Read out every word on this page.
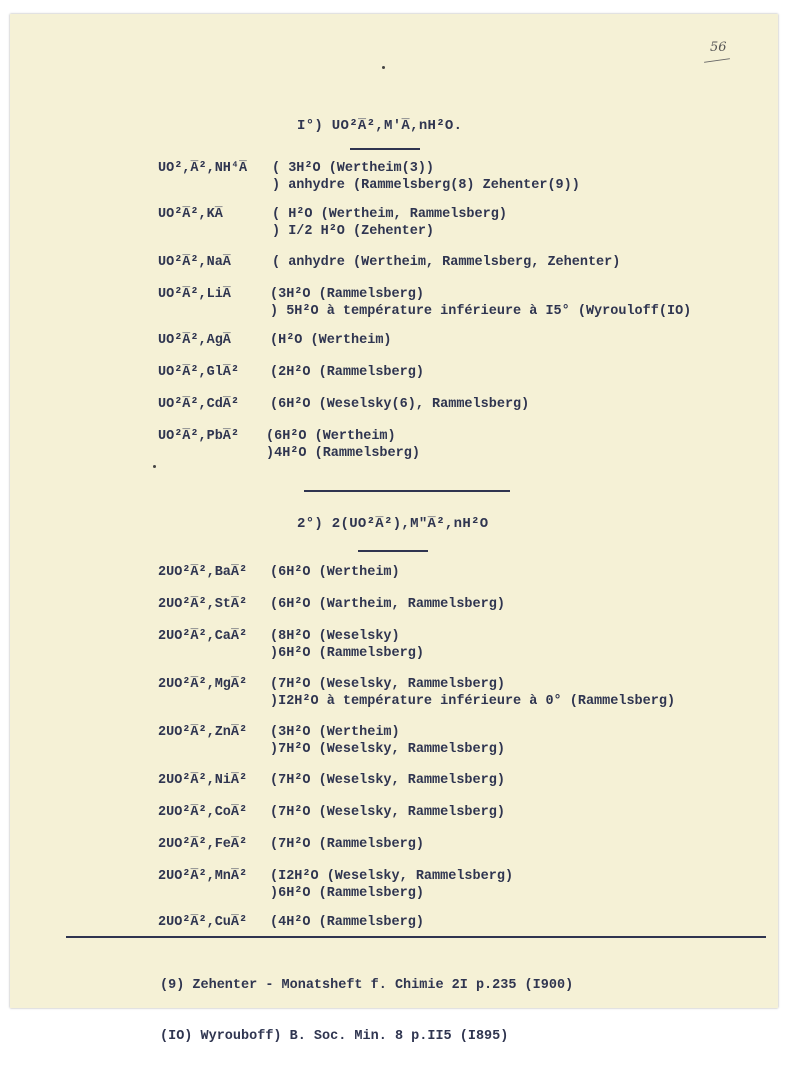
56
I°) UO²A̅²,M'A̅,nH²O.
UO²,A̅²,NH⁴A̅ ( 3H²O (Wertheim(3))
) anhydre (Rammelsberg(8) Zehenter(9))
UO²A̅²,KA̅	( H²O (Wertheim, Rammelsberg)
) I/2 H²O (Zehenter)
UO²A̅²,NaA̅	( anhydre (Wertheim, Rammelsberg, Zehenter)
UO²A̅²,LiA̅	(3H²O (Rammelsberg)
) 5H²O à température inférieure à I5° (Wyrouloff(IO)
UO²A̅²,AgA̅	(H²O (Wertheim)
UO²A̅²,GlA̅² (2H²O (Rammelsberg)
UO²A̅²,CdA̅² (6H²O (Weselsky(6), Rammelsberg)
UO²A̅²,PbA̅² (6H²O (Wertheim)
)4H²O (Rammelsberg)
2°) 2(UO²A̅²),M"A̅²,nH²O
2UO²A̅²,BaA̅² (6H²O (Wertheim)
2UO²A̅²,StA̅² (6H²O (Wartheim, Rammelsberg)
2UO²A̅²,CaA̅² (8H²O (Weselsky)
)6H²O (Rammelsberg)
2UO²A̅²,MgA̅² (7H²O (Weselsky, Rammelsberg)
)I2H²O à température inférieure à 0° (Rammelsberg)
2UO²A̅²,ZnA̅² (3H²O (Wertheim)
)7H²O (Weselsky, Rammelsberg)
2UO²A̅²,NiA̅² (7H²O (Weselsky, Rammelsberg)
2UO²A̅²,CoA̅² (7H²O (Weselsky, Rammelsberg)
2UO²A̅²,FeA̅² (7H²O (Rammelsberg)
2UO²A̅²,MnA̅² (I2H²O (Weselsky, Rammelsberg)
)6H²O (Rammelsberg)
2UO²A̅²,CuA̅² (4H²O (Rammelsberg)

(9) Zehenter - Monatsheft f. Chimie 2I p.235 (I900)

(IO) Wyrouboff) B. Soc. Min. 8 p.II5 (I895)
